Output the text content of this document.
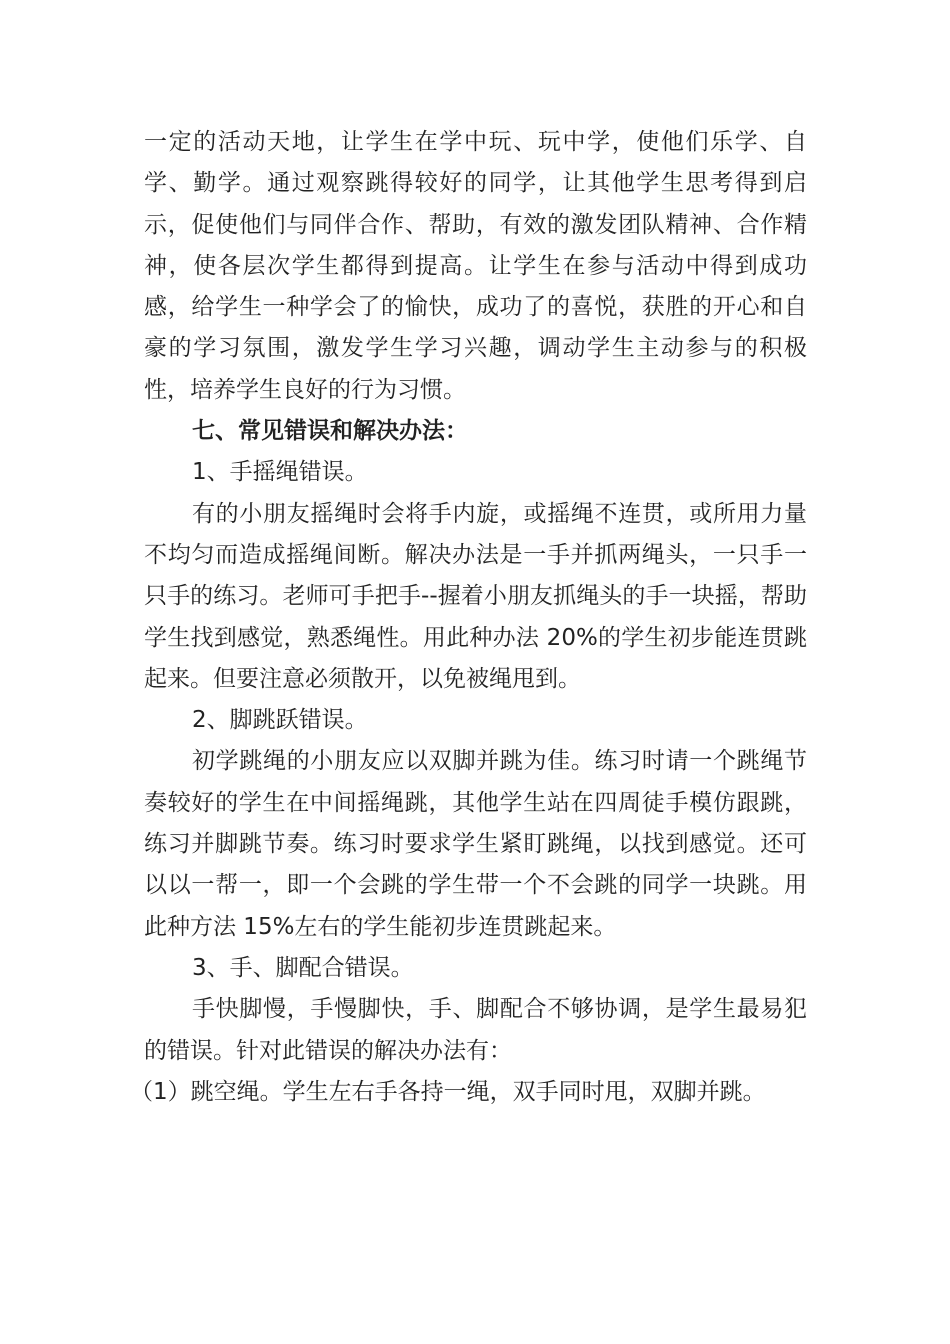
一定的活动天地，让学生在学中玩、玩中学，使他们乐学、自学、勤学。通过观察跳得较好的同学，让其他学生思考得到启示，促使他们与同伴合作、帮助，有效的激发团队精神、合作精神，使各层次学生都得到提高。让学生在参与活动中得到成功感，给学生一种学会了的愉快，成功了的喜悦，获胜的开心和自豪的学习氛围，激发学生学习兴趣，调动学生主动参与的积极性，培养学生良好的行为习惯。

七、常见错误和解决办法：

1、手摇绳错误。

有的小朋友摇绳时会将手内旋，或摇绳不连贯，或所用力量不均匀而造成摇绳间断。解决办法是一手并抓两绳头，一只手一只手的练习。老师可手把手--握着小朋友抓绳头的手一块摇，帮助学生找到感觉，熟悉绳性。用此种办法 20%的学生初步能连贯跳起来。但要注意必须散开，以免被绳甩到。

2、脚跳跃错误。

初学跳绳的小朋友应以双脚并跳为佳。练习时请一个跳绳节奏较好的学生在中间摇绳跳，其他学生站在四周徒手模仿跟跳，练习并脚跳节奏。练习时要求学生紧盯跳绳，以找到感觉。还可以以一帮一，即一个会跳的学生带一个不会跳的同学一块跳。用此种方法 15%左右的学生能初步连贯跳起来。

3、手、脚配合错误。

手快脚慢，手慢脚快，手、脚配合不够协调，是学生最易犯的错误。针对此错误的解决办法有：

（1）跳空绳。学生左右手各持一绳，双手同时甩，双脚并跳。
